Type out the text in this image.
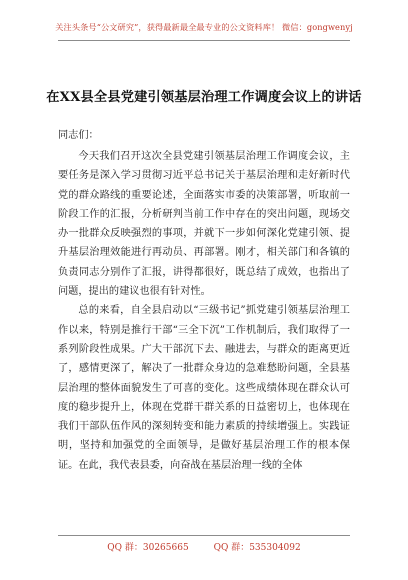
关注头条号“公文研究”，获得最新最全最专业的公文资料库！ 微信：gongwenyj
在XX县全县党建引领基层治理工作调度会议上的讲话
同志们：

今天我们召开这次全县党建引领基层治理工作调度会议，主要任务是深入学习贯彻习近平总书记关于基层治理和走好新时代党的群众路线的重要论述，全面落实市委的决策部署，听取前一阶段工作的汇报，分析研判当前工作中存在的突出问题，现场交办一批群众反映强烈的事项，并就下一步如何深化党建引领、提升基层治理效能进行再动员、再部署。刚才，相关部门和各镇的负责同志分别作了汇报，讲得都很好，既总结了成效，也指出了问题，提出的建议也很有针对性。

总的来看，自全县启动以“三级书记”抓党建引领基层治理工作以来，特别是推行干部“三全下沉”工作机制后，我们取得了一系列阶段性成果。广大干部沉下去、融进去，与群众的距离更近了，感情更深了，解决了一批群众身边的急难愁盼问题，全县基层治理的整体面貌发生了可喜的变化。这些成绩体现在群众认可度的稳步提升上，体现在党群干群关系的日益密切上，也体现在我们干部队伍作风的深刻转变和能力素质的持续增强上。实践证明，坚持和加强党的全面领导，是做好基层治理工作的根本保证。在此，我代表县委，向奋战在基层治理一线的全体

QQ 群：30265665	QQ 群：535304092
